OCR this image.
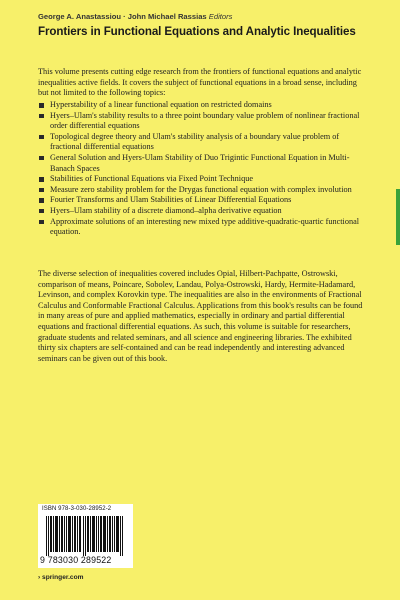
George A. Anastassiou · John Michael Rassias Editors
Frontiers in Functional Equations and Analytic Inequalities

This volume presents cutting edge research from the frontiers of functional equations and analytic inequalities active fields. It covers the subject of functional equations in a broad sense, including but not limited to the following topics:

Hyperstability of a linear functional equation on restricted domains
Hyers–Ulam's stability results to a three point boundary value problem of nonlinear fractional order differential equations
Topological degree theory and Ulam's stability analysis of a boundary value problem of fractional differential equations
General Solution and Hyers-Ulam Stability of Duo Trigintic Functional Equation in Multi-Banach Spaces
Stabilities of Functional Equations via Fixed Point Technique
Measure zero stability problem for the Drygas functional equation with complex involution
Fourier Transforms and Ulam Stabilities of Linear Differential Equations
Hyers–Ulam stability of a discrete diamond–alpha derivative equation
Approximate solutions of an interesting new mixed type additive-quadratic-quartic functional equation.

The diverse selection of inequalities covered includes Opial, Hilbert-Pachpatte, Ostrowski, comparison of means, Poincare, Sobolev, Landau, Polya-Ostrowski, Hardy, Hermite-Hadamard, Levinson, and complex Korovkin type. The inequalities are also in the environments of Fractional Calculus and Conformable Fractional Calculus. Applications from this book's results can be found in many areas of pure and applied mathematics, especially in ordinary and partial differential equations and fractional differential equations. As such, this volume is suitable for researchers, graduate students and related seminars, and all science and engineering libraries. The exhibited thirty six chapters are self-contained and can be read independently and interesting advanced seminars can be given out of this book.

ISBN 978-3-030-28952-2
9 783030 289522
› springer.com
